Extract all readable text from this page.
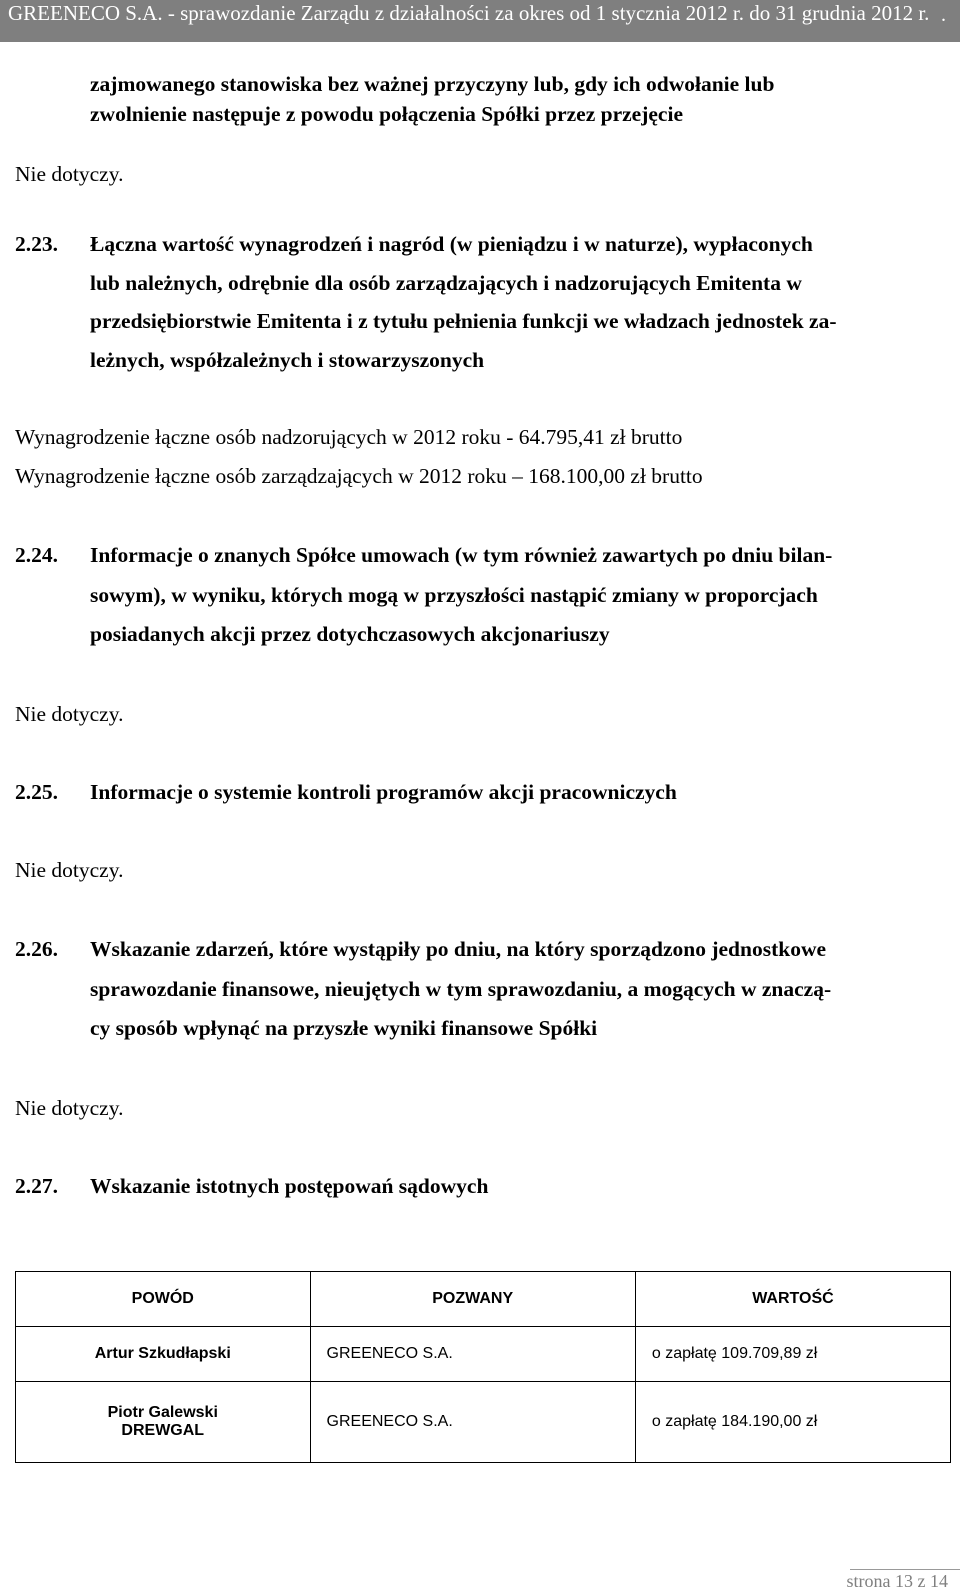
GREENECO S.A. - sprawozdanie Zarządu z działalności za okres od 1 stycznia 2012 r. do 31 grudnia 2012 r. .
zajmowanego stanowiska bez ważnej przyczyny lub, gdy ich odwołanie lub
zwolnienie następuje z powodu połączenia Spółki przez przejęcie
Nie dotyczy.
2.23. Łączna wartość wynagrodzeń i nagród (w pieniądzu i w naturze), wypłaconych
lub należnych, odrębnie dla osób zarządzających i nadzorujących Emitenta w
przedsiębiorstwie Emitenta i z tytułu pełnienia funkcji we władzach jednostek za-
leżnych, współzależnych i stowarzyszonych
Wynagrodzenie łączne osób nadzorujących w 2012 roku - 64.795,41 zł brutto
Wynagrodzenie łączne osób zarządzających w 2012 roku – 168.100,00 zł brutto
2.24. Informacje o znanych Spółce umowach (w tym również zawartych po dniu bilan-
sowym), w wyniku, których mogą w przyszłości nastąpić zmiany w proporcjach
posiadanych akcji przez dotychczasowych akcjonariuszy
Nie dotyczy.
2.25. Informacje o systemie kontroli programów akcji pracowniczych
Nie dotyczy.
2.26. Wskazanie zdarzeń, które wystąpiły po dniu, na który sporządzono jednostkowe
sprawozdanie finansowe, nieujętych w tym sprawozdaniu, a mogących w znaczą-
cy sposób wpłynąć na przyszłe wyniki finansowe Spółki
Nie dotyczy.
2.27. Wskazanie istotnych postępowań sądowych
POWÓD	POZWANY	WARTOŚĆ
Artur Szkudłapski	GREENECO S.A.	o zapłatę 109.709,89 zł

Piotr Galewski
DREWGAL	GREENECO S.A.	o zapłatę 184.190,00 zł
strona 13 z 14
